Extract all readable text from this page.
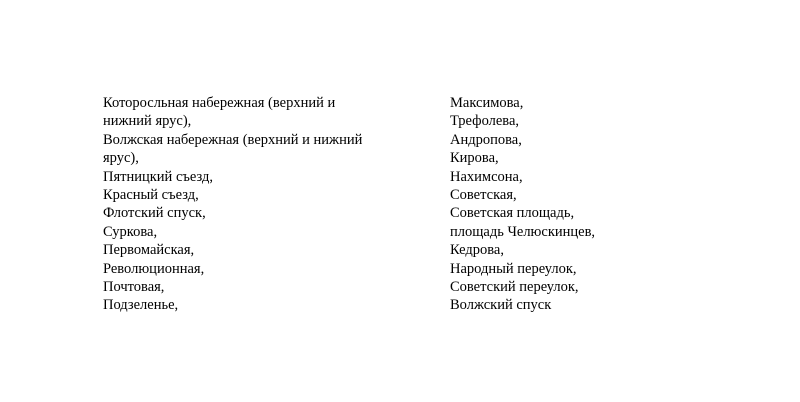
Которосльная набережная (верхний и
нижний ярус),
Волжская набережная (верхний и нижний
ярус),
Пятницкий съезд,
Красный съезд,
Флотский спуск,
Суркова,
Первомайская,
Революционная,
Почтовая,
Подзеленье,
Максимова,
Трефолева,
Андропова,
Кирова,
Нахимсона,
Советская,
Советская площадь,
площадь Челюскинцев,
Кедрова,
Народный переулок,
Советский переулок,
Волжский спуск
